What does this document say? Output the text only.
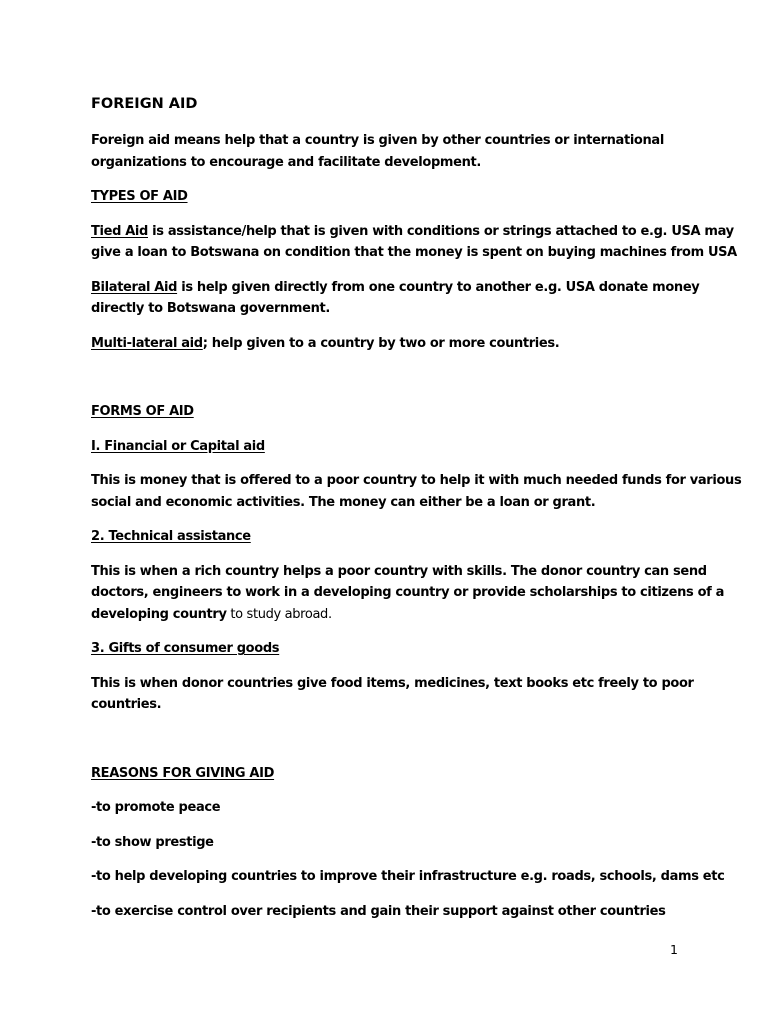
FOREIGN AID
Foreign aid means help that a country is given by other countries or international
organizations to encourage and facilitate development.
TYPES OF AID
Tied Aid is assistance/help that is given with conditions or strings attached to e.g. USA may
give a loan to Botswana on condition that the money is spent on buying machines from USA
Bilateral Aid is help given directly from one country to another e.g. USA donate money
directly to Botswana government.
Multi-lateral aid; help given to a country by two or more countries.
FORMS OF AID
I. Financial or Capital aid
This is money that is offered to a poor country to help it with much needed funds for various
social and economic activities. The money can either be a loan or grant.
2. Technical assistance
This is when a rich country helps a poor country with skills. The donor country can send
doctors, engineers to work in a developing country or provide scholarships to citizens of a
developing country to study abroad.
3. Gifts of consumer goods
This is when donor countries give food items, medicines, text books etc freely to poor
countries.
REASONS FOR GIVING AID
-to promote peace
-to show prestige
-to help developing countries to improve their infrastructure e.g. roads, schools, dams etc
-to exercise control over recipients and gain their support against other countries
1
